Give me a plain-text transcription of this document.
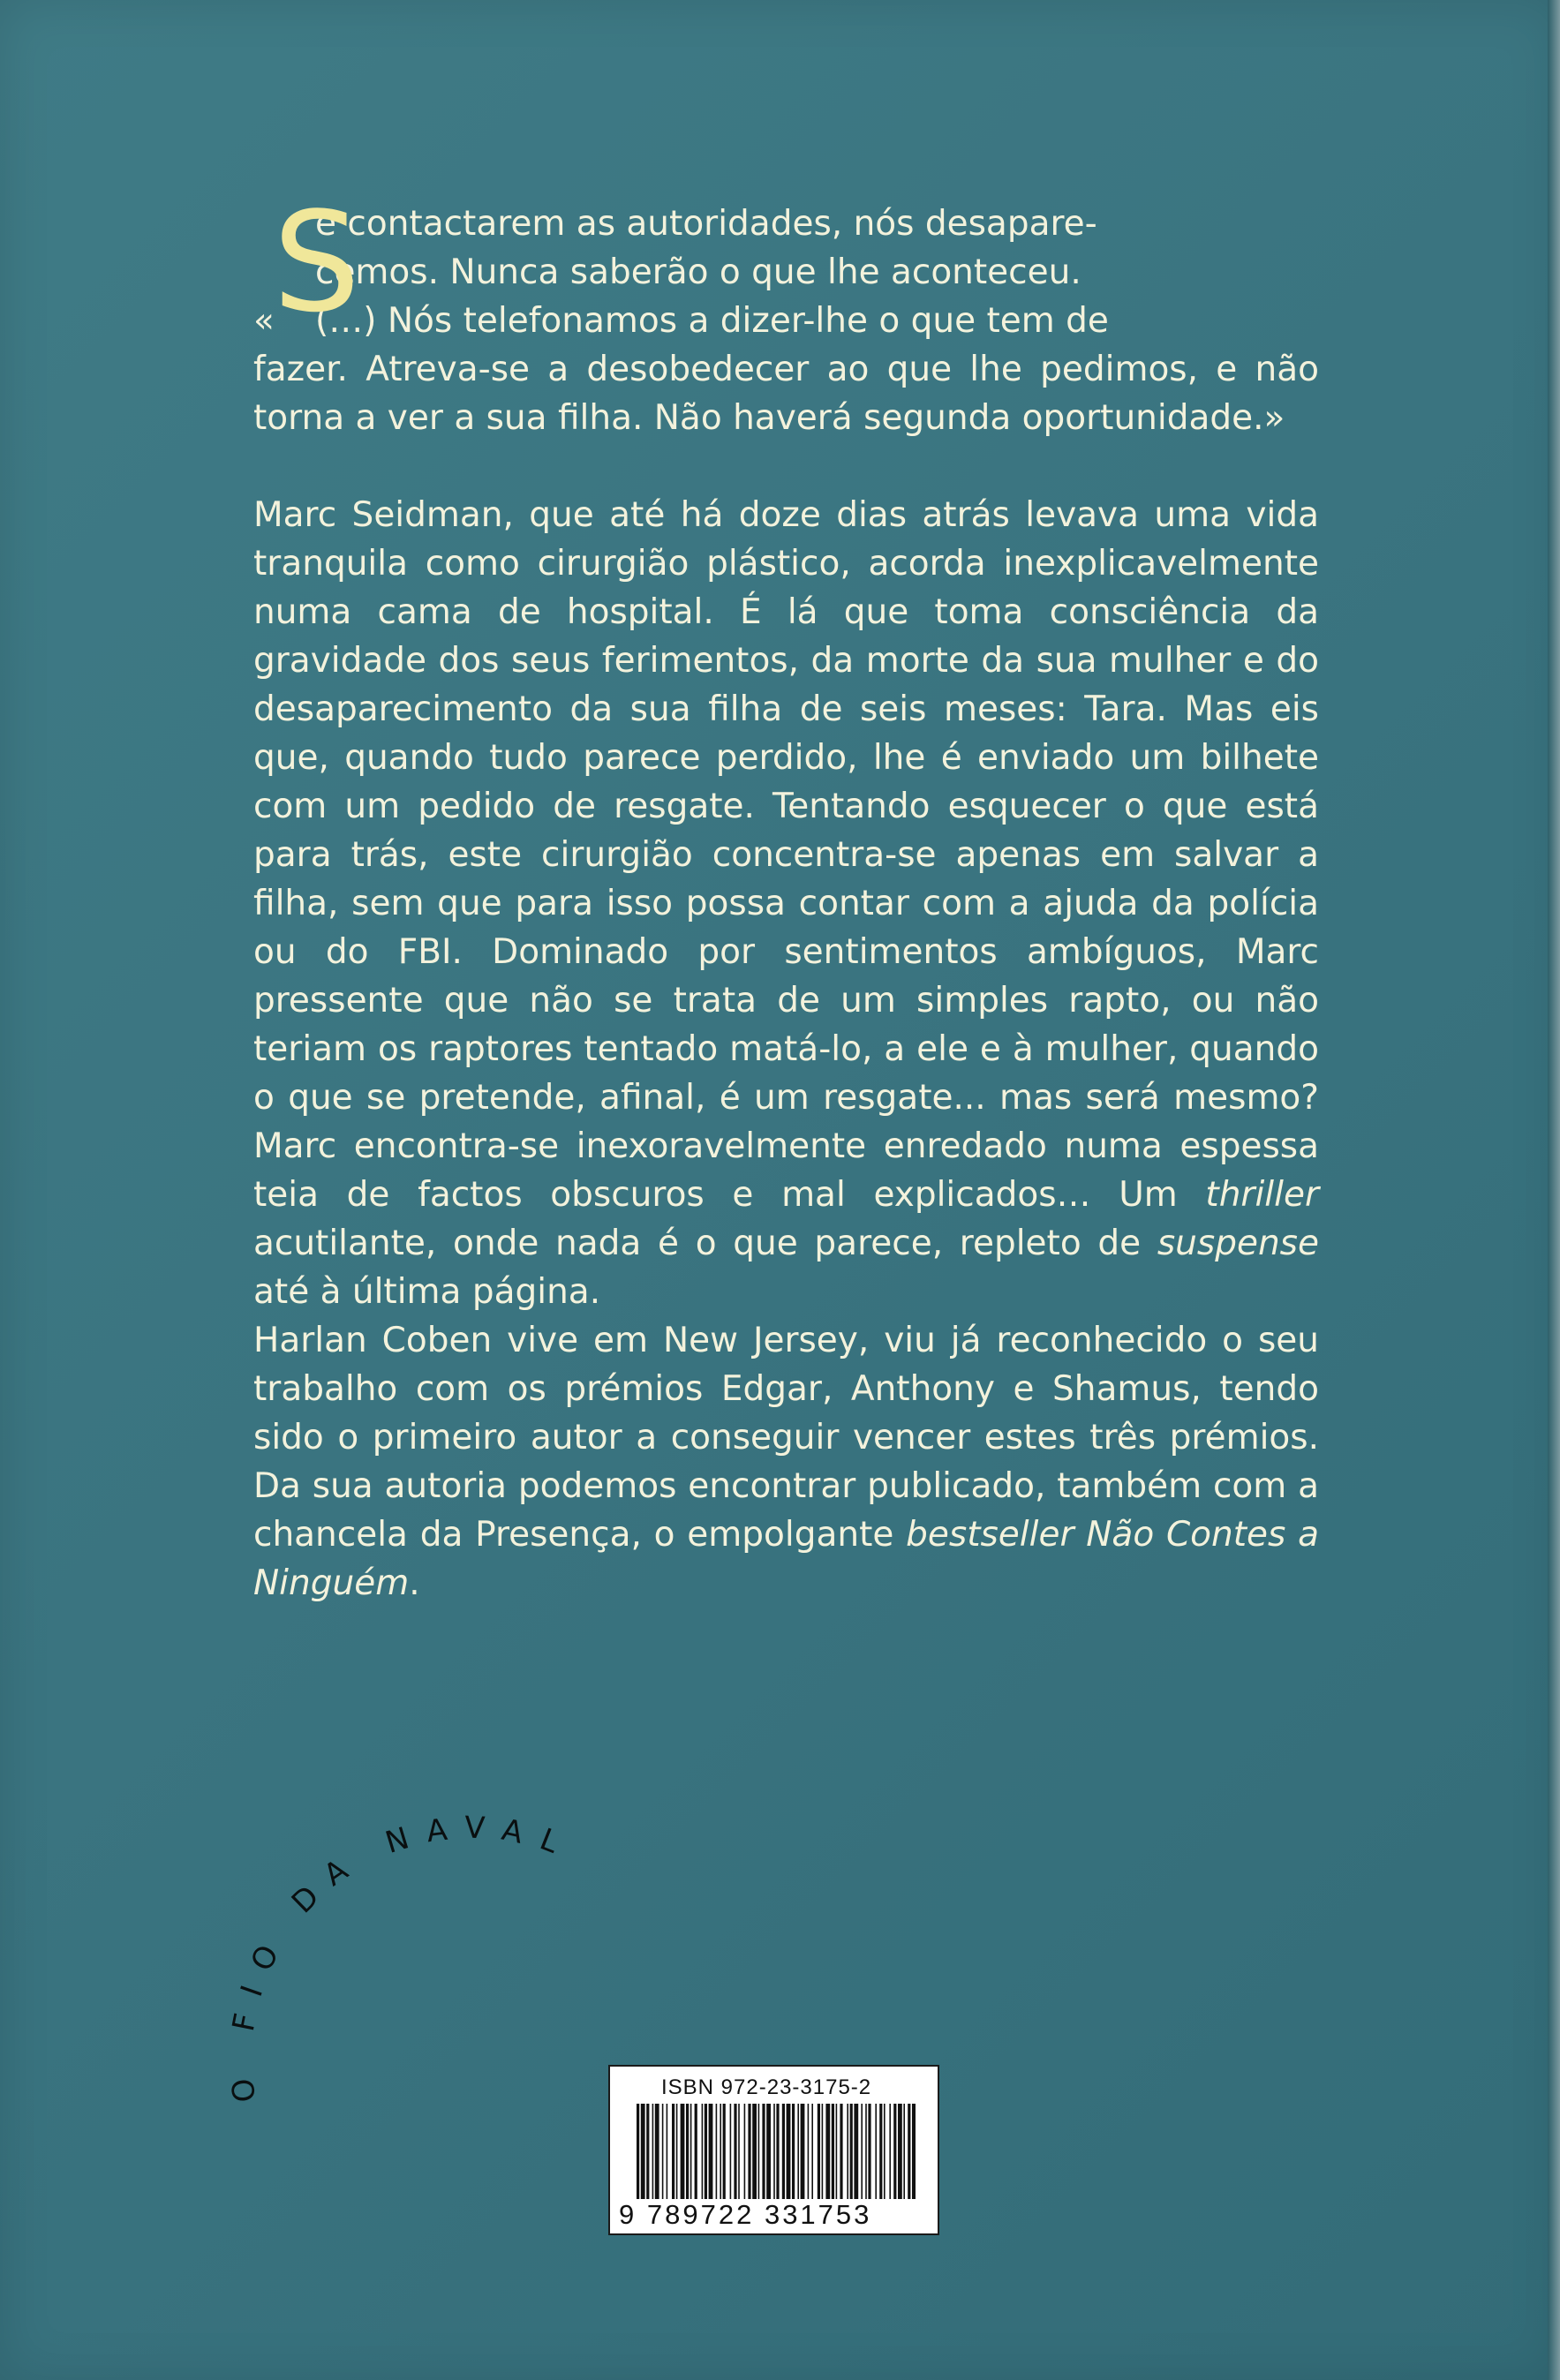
S
«

e contactarem as autoridades, nós desapare-

cemos. Nunca saberão o que lhe aconteceu.

(…) Nós telefonamos a dizer-lhe o que tem de

fazer. Atreva-se a desobedecer ao que lhe pedimos, e não torna a ver a sua filha. Não haverá segunda oportunidade.»

Marc Seidman, que até há doze dias atrás levava uma vida tranquila como cirurgião plástico, acorda inexplicavelmente numa cama de hospital. É lá que toma consciência da gravidade dos seus ferimentos, da morte da sua mulher e do desaparecimento da sua filha de seis meses: Tara. Mas eis que, quando tudo parece perdido, lhe é enviado um bilhete com um pedido de resgate. Tentando esquecer o que está para trás, este cirurgião concentra-se apenas em salvar a filha, sem que para isso possa contar com a ajuda da polícia ou do FBI. Dominado por sentimentos ambíguos, Marc pressente que não se trata de um simples rapto, ou não teriam os raptores tentado matá-lo, a ele e à mulher, quando o que se pretende, afinal, é um resgate... mas será mesmo? Marc encontra-se inexoravelmente enredado numa espessa teia de factos obscuros e mal explicados… Um thriller acutilante, onde nada é o que parece, repleto de suspense até à última página.

Harlan Coben vive em New Jersey, viu já reconhecido o seu trabalho com os prémios Edgar, Anthony e Shamus, tendo sido o primeiro autor a conseguir vencer estes três prémios. Da sua autoria podemos encontrar publicado, também com a chancela da Presença, o empolgante bestseller Não Contes a Ninguém.

O FIO DA NAVA
ISBN 972-23-3175-2
9 789722 331753
